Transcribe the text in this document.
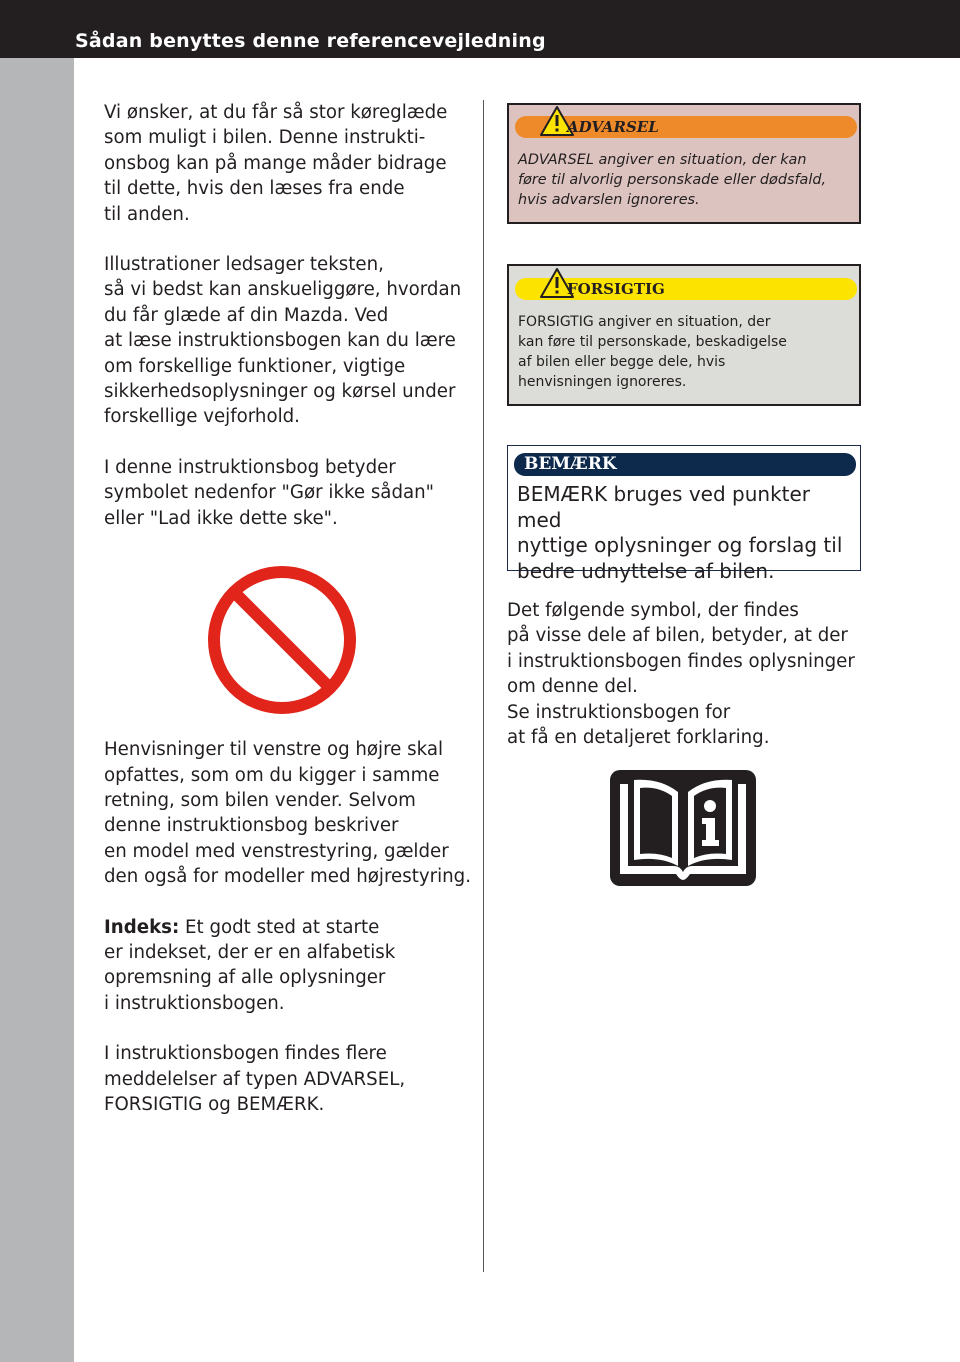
Sådan benyttes denne referencevejledning

Vi ønsker, at du får så stor køreglæde
som muligt i bilen. Denne instrukti-
onsbog kan på mange måder bidrage
til dette, hvis den læses fra ende
til anden.

Illustrationer ledsager teksten,
så vi bedst kan anskueliggøre, hvordan
du får glæde af din Mazda. Ved
at læse instruktionsbogen kan du lære
om forskellige funktioner, vigtige
sikkerhedsoplysninger og kørsel under
forskellige vejforhold.

I denne instruktionsbog betyder
symbolet nedenfor "Gør ikke sådan"
eller "Lad ikke dette ske".

Henvisninger til venstre og højre skal
opfattes, som om du kigger i samme
retning, som bilen vender. Selvom
denne instruktionsbog beskriver
en model med venstrestyring, gælder
den også for modeller med højrestyring.

Indeks: Et godt sted at starte
er indekset, der er en alfabetisk
opremsning af alle oplysninger
i instruktionsbogen.

I instruktionsbogen findes flere
meddelelser af typen ADVARSEL,
FORSIGTIG og BEMÆRK.

ADVARSEL

ADVARSEL angiver en situation, der kan
føre til alvorlig personskade eller dødsfald,
hvis advarslen ignoreres.

FORSIGTIG

FORSIGTIG angiver en situation, der
kan føre til personskade, beskadigelse
af bilen eller begge dele, hvis
henvisningen ignoreres.

BEMÆRK

BEMÆRK bruges ved punkter med
nyttige oplysninger og forslag til
bedre udnyttelse af bilen.

Det følgende symbol, der findes
på visse dele af bilen, betyder, at der
i instruktionsbogen findes oplysninger
om denne del.
Se instruktionsbogen for
at få en detaljeret forklaring.
